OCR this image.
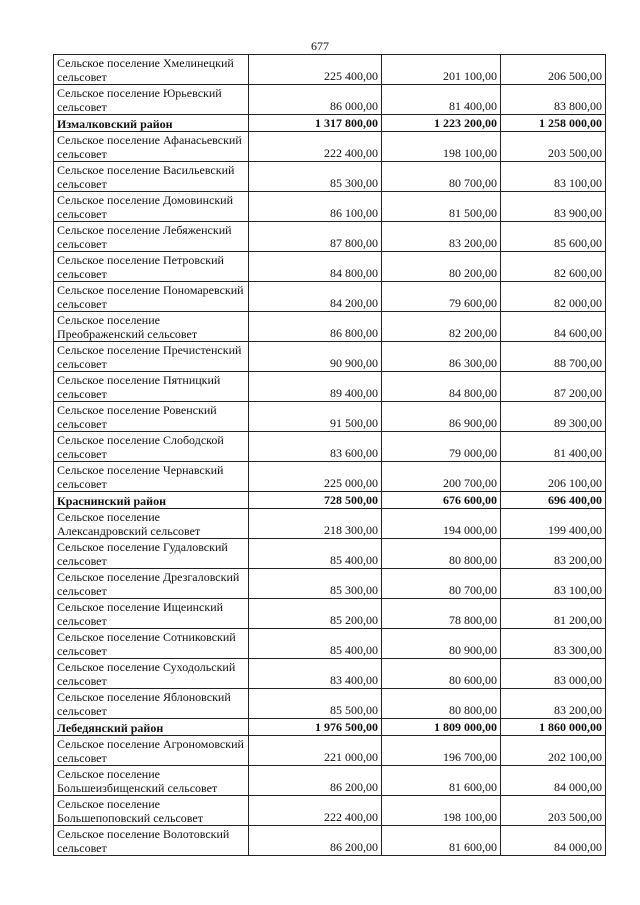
677
Сельское поселение Хмелинецкий
сельсовет	225 400,00	201 100,00	206 500,00
Сельское поселение Юрьевский
сельсовет	86 000,00	81 400,00	83 800,00
Измалковский район	1 317 800,00	1 223 200,00	1 258 000,00
Сельское поселение Афанасьевский
сельсовет	222 400,00	198 100,00	203 500,00
Сельское поселение Васильевский
сельсовет	85 300,00	80 700,00	83 100,00
Сельское поселение Домовинский
сельсовет	86 100,00	81 500,00	83 900,00
Сельское поселение Лебяженский
сельсовет	87 800,00	83 200,00	85 600,00
Сельское поселение Петровский
сельсовет	84 800,00	80 200,00	82 600,00
Сельское поселение Пономаревский
сельсовет	84 200,00	79 600,00	82 000,00
Сельское поселение
Преображенский сельсовет	86 800,00	82 200,00	84 600,00
Сельское поселение Пречистенский
сельсовет	90 900,00	86 300,00	88 700,00
Сельское поселение Пятницкий
сельсовет	89 400,00	84 800,00	87 200,00
Сельское поселение Ровенский
сельсовет	91 500,00	86 900,00	89 300,00
Сельское поселение Слободской
сельсовет	83 600,00	79 000,00	81 400,00
Сельское поселение Чернавский
сельсовет	225 000,00	200 700,00	206 100,00
Краснинский район	728 500,00	676 600,00	696 400,00
Сельское поселение
Александровский сельсовет	218 300,00	194 000,00	199 400,00
Сельское поселение Гудаловский
сельсовет	85 400,00	80 800,00	83 200,00
Сельское поселение Дрезгаловский
сельсовет	85 300,00	80 700,00	83 100,00
Сельское поселение Ищеинский
сельсовет	85 200,00	78 800,00	81 200,00
Сельское поселение Сотниковский
сельсовет	85 400,00	80 900,00	83 300,00
Сельское поселение Суходольский
сельсовет	83 400,00	80 600,00	83 000,00
Сельское поселение Яблоновский
сельсовет	85 500,00	80 800,00	83 200,00
Лебедянский район	1 976 500,00	1 809 000,00	1 860 000,00
Сельское поселение Агрономовский
сельсовет	221 000,00	196 700,00	202 100,00
Сельское поселение
Большеизбищенский сельсовет	86 200,00	81 600,00	84 000,00
Сельское поселение
Большепоповский сельсовет	222 400,00	198 100,00	203 500,00
Сельское поселение Волотовский
сельсовет	86 200,00	81 600,00	84 000,00
